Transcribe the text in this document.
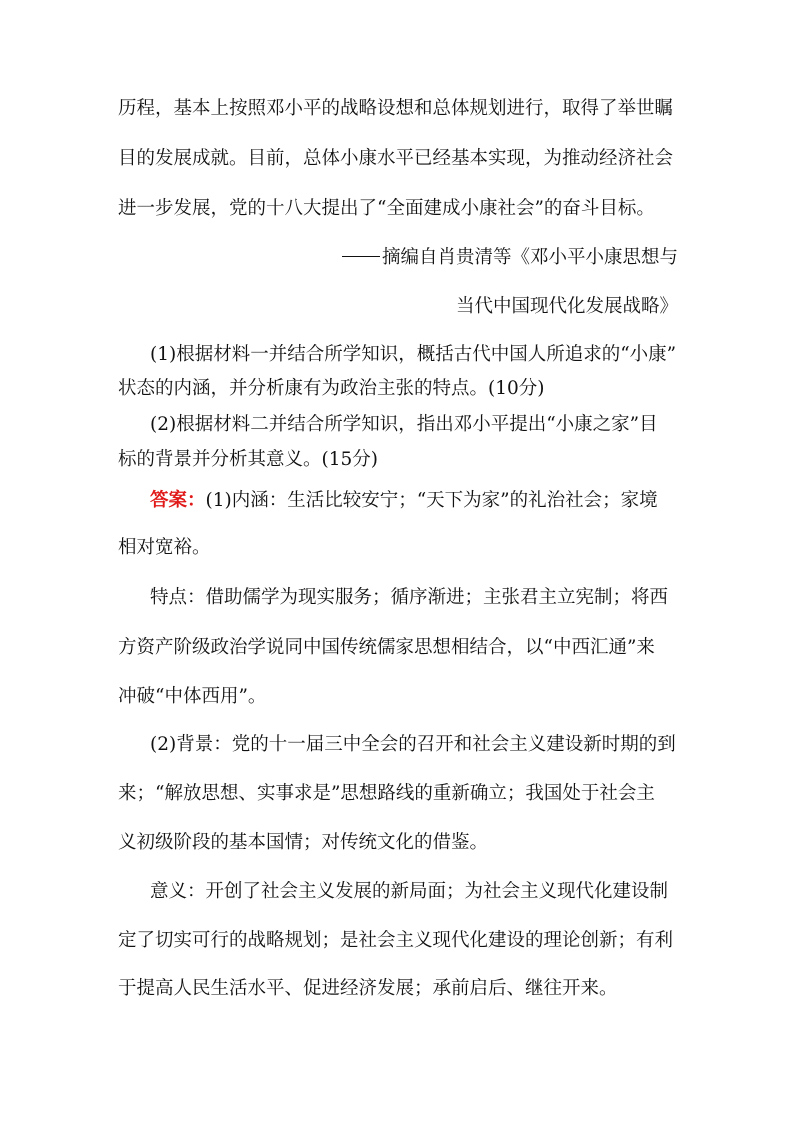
历程，基本上按照邓小平的战略设想和总体规划进行，取得了举世瞩
目的发展成就。目前，总体小康水平已经基本实现，为推动经济社会
进一步发展，党的十八大提出了“全面建成小康社会”的奋斗目标。
摘编自肖贵清等《邓小平小康思想与
当代中国现代化发展战略》
(1)根据材料一并结合所学知识，概括古代中国人所追求的“小康”
状态的内涵，并分析康有为政治主张的特点。(10分)
(2)根据材料二并结合所学知识，指出邓小平提出“小康之家”目
标的背景并分析其意义。(15分)
答案：(1)内涵：生活比较安宁；“天下为家”的礼治社会；家境
相对宽裕。
特点：借助儒学为现实服务；循序渐进；主张君主立宪制；将西
方资产阶级政治学说同中国传统儒家思想相结合，以“中西汇通”来
冲破“中体西用”。
(2)背景：党的十一届三中全会的召开和社会主义建设新时期的到
来；“解放思想、实事求是”思想路线的重新确立；我国处于社会主
义初级阶段的基本国情；对传统文化的借鉴。
意义：开创了社会主义发展的新局面；为社会主义现代化建设制
定了切实可行的战略规划；是社会主义现代化建设的理论创新；有利
于提高人民生活水平、促进经济发展；承前启后、继往开来。
